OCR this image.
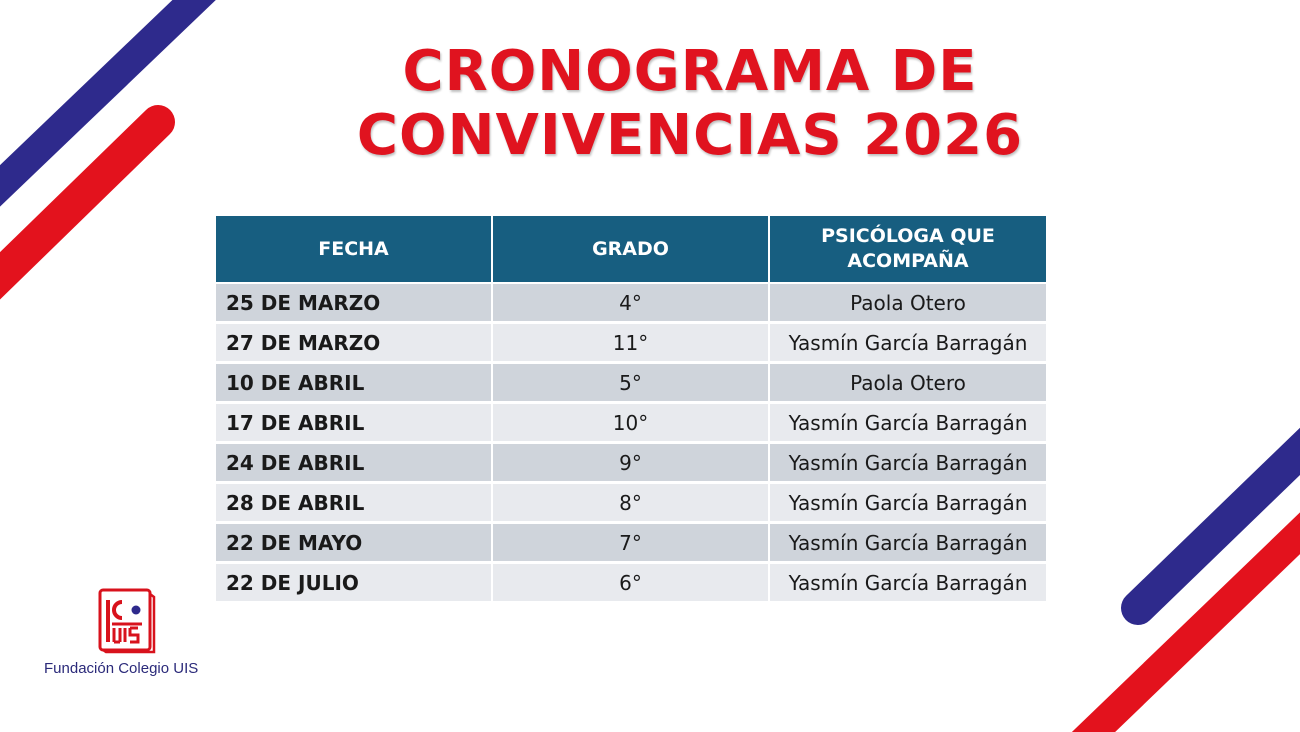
CRONOGRAMA DE
CONVIVENCIAS 2026
FECHA	GRADO	PSICÓLOGA QUE
ACOMPAÑA

25 DE MARZO	4°	Paola Otero
27 DE MARZO	11°	Yasmín García Barragán
10 DE ABRIL	5°	Paola Otero
17 DE ABRIL	10°	Yasmín García Barragán
24 DE ABRIL	9°	Yasmín García Barragán
28 DE ABRIL	8°	Yasmín García Barragán
22 DE MAYO	7°	Yasmín García Barragán
22 DE JULIO	6°	Yasmín García Barragán
Fundación Colegio UIS
